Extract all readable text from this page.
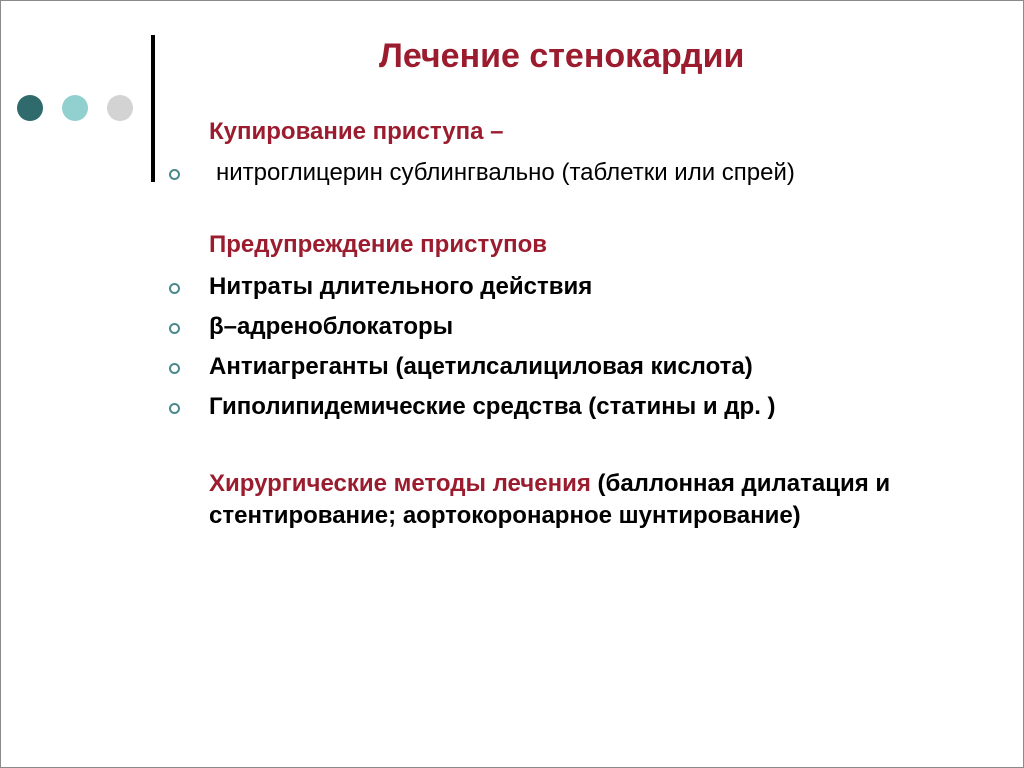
Лечение стенокардии

Купирование приступа –

нитроглицерин сублингвально (таблетки или спрей)

Предупреждение приступов

Нитраты длительного действия
β–адреноблокаторы
Антиагреганты (ацетилсалициловая кислота)
Гиполипидемические средства (статины и др. )

Хирургические методы лечения (баллонная дилатация и стентирование; аортокоронарное шунтирование)
